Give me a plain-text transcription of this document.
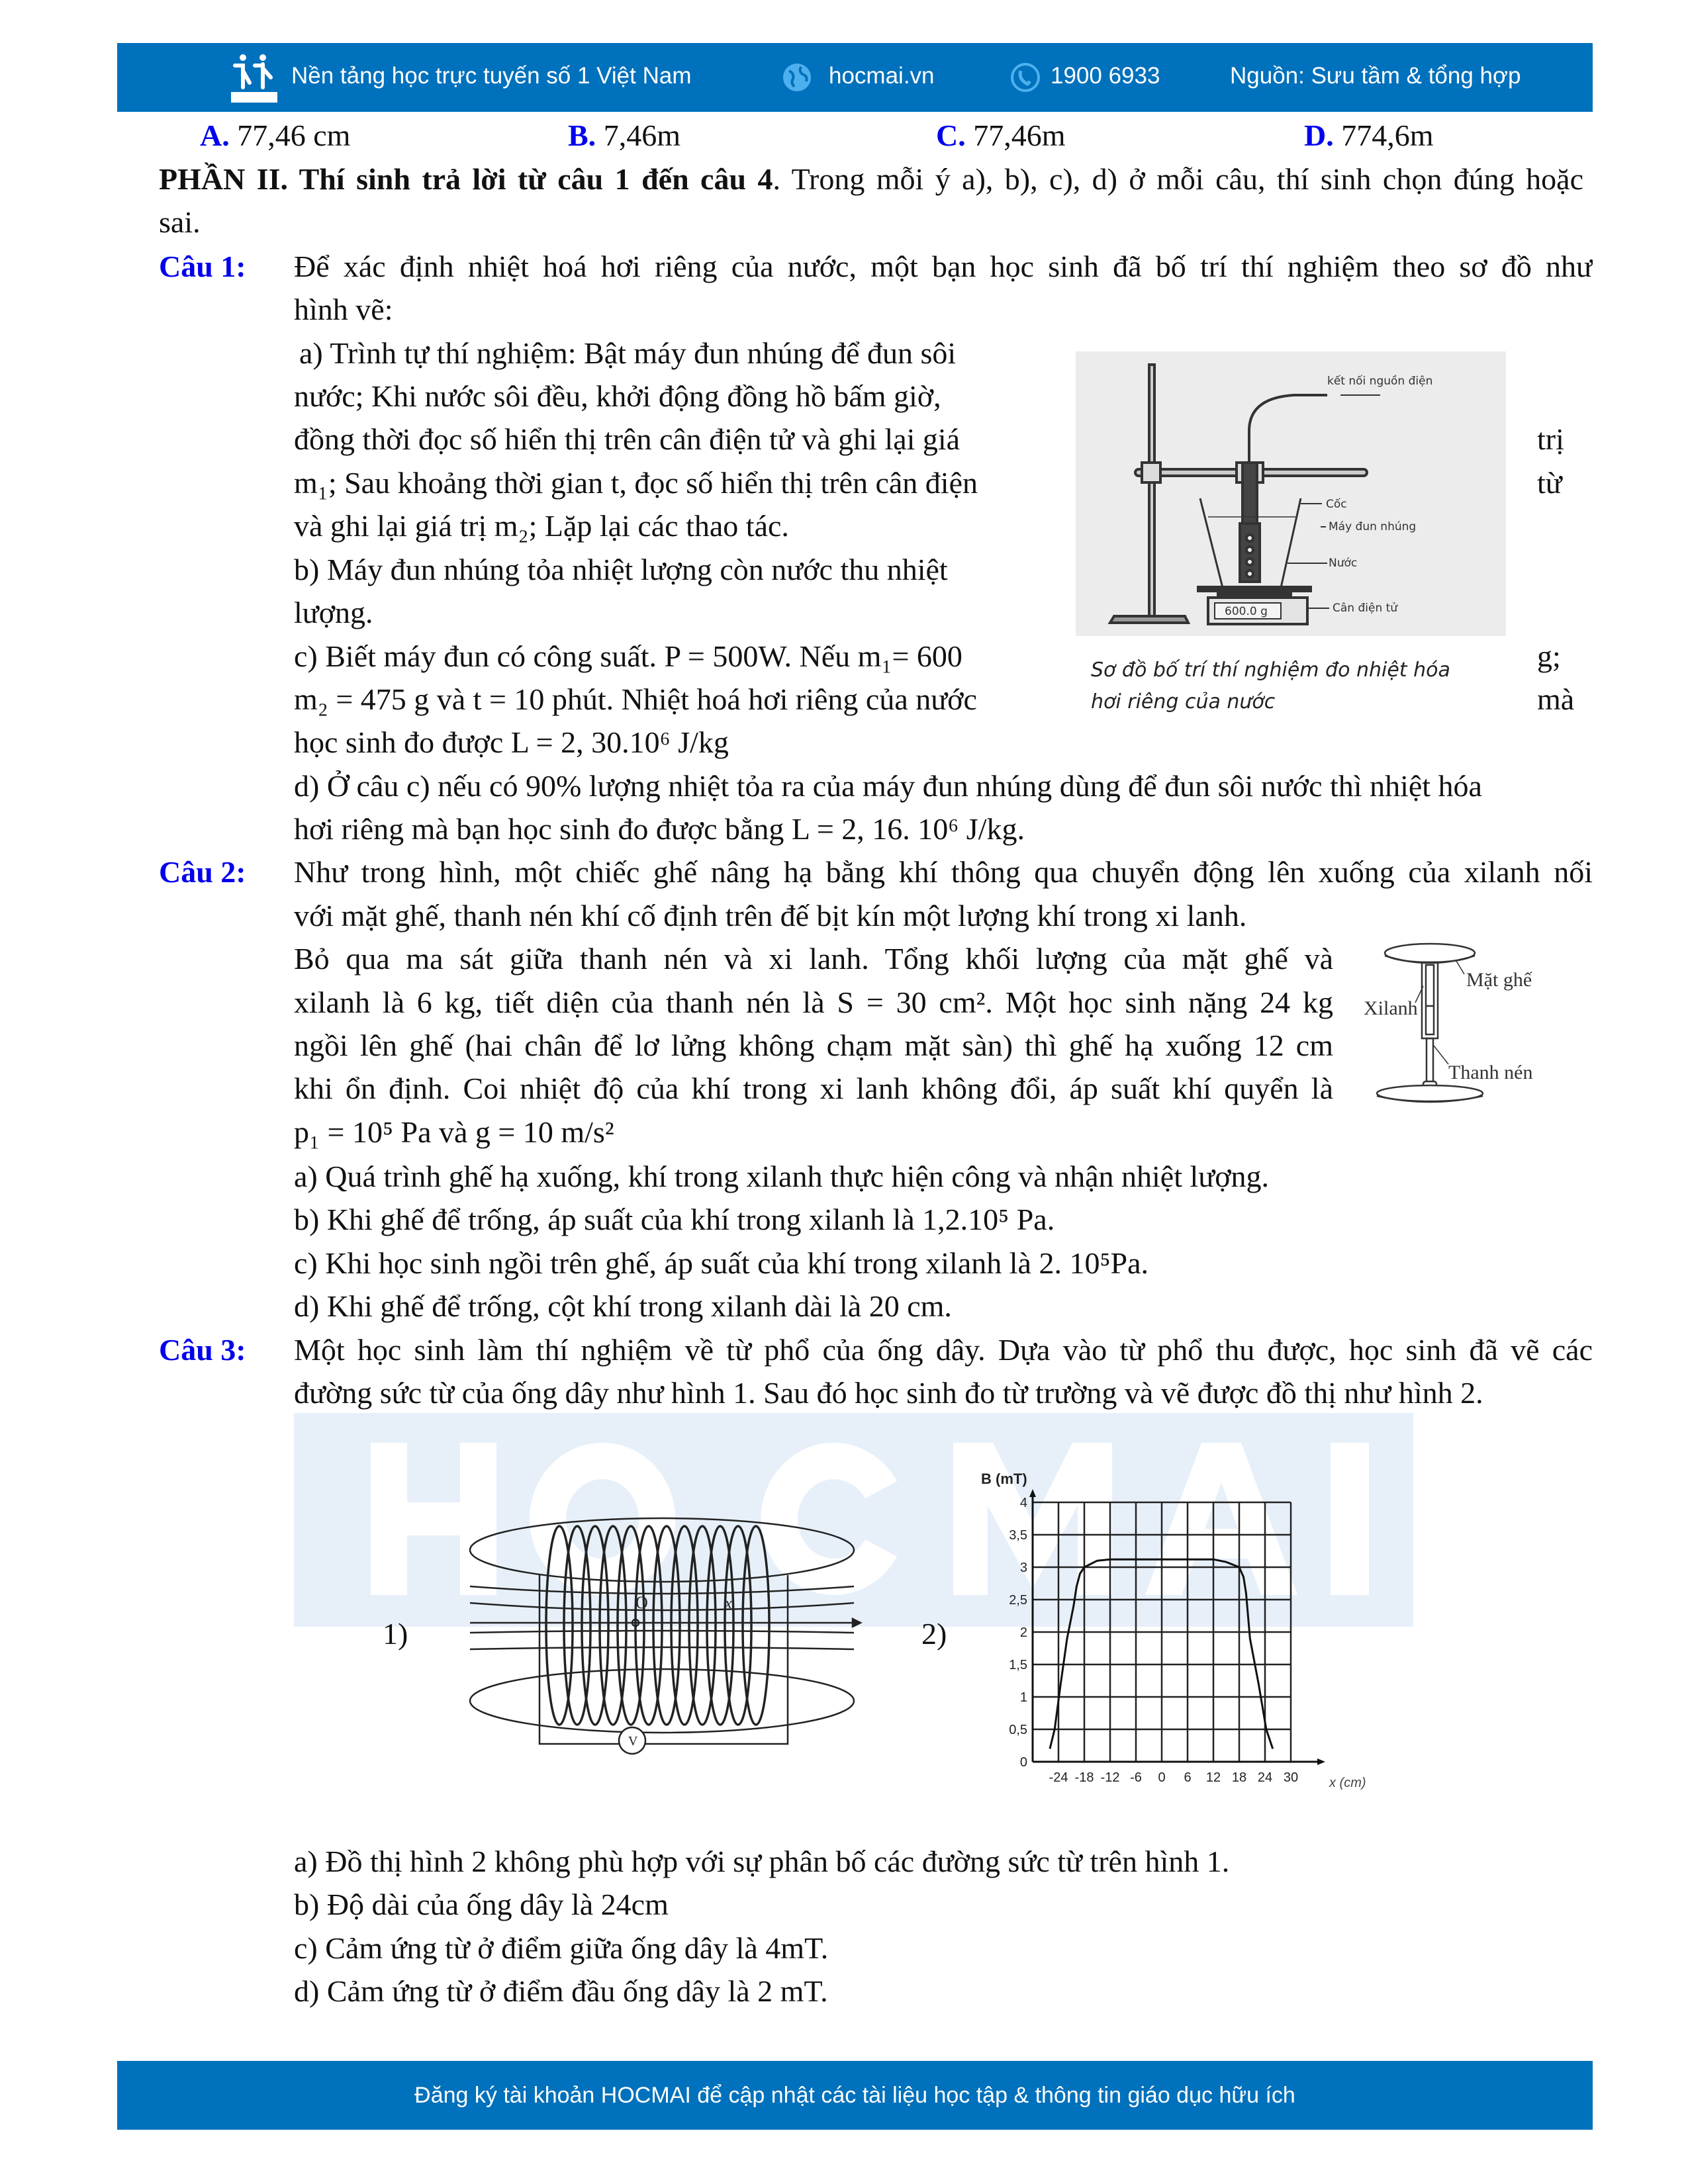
Nền tảng học trực tuyến số 1 Việt Nam	hocmai.vn	1900 6933	Nguồn: Sưu tầm & tổng hợp
A. 77,46 cm	B. 7,46m	C. 77,46m	D. 774,6m
PHẦN II. Thí sinh trả lời từ câu 1 đến câu 4. Trong mỗi ý a), b), c), d) ở mỗi câu, thí sinh chọn đúng hoặc
sai.
Câu 1: Để xác định nhiệt hoá hơi riêng của nước, một bạn học sinh đã bố trí thí nghiệm theo sơ đồ như
hình vẽ:
a) Trình tự thí nghiệm: Bật máy đun nhúng để đun sôi
nước; Khi nước sôi đều, khởi động đồng hồ bấm giờ,
đồng thời đọc số hiển thị trên cân điện tử và ghi lại giá	trị
m₁; Sau khoảng thời gian t, đọc số hiển thị trên cân điện	từ
và ghi lại giá trị m₂; Lặp lại các thao tác.
b) Máy đun nhúng tỏa nhiệt lượng còn nước thu nhiệt
lượng.
c) Biết máy đun có công suất. P = 500W. Nếu m₁= 600	g;
m₂ = 475 g và t = 10 phút. Nhiệt hoá hơi riêng của nước	mà
học sinh đo được L = 2, 30.10⁶ J/kg
d) Ở câu c) nếu có 90% lượng nhiệt tỏa ra của máy đun nhúng dùng để đun sôi nước thì nhiệt hóa
hơi riêng mà bạn học sinh đo được bằng L = 2, 16. 10⁶ J/kg.
kết nối nguồn điện
600.0 g
Cốc
Máy đun nhúng
Nước
Cân điện tử
Sơ đồ bố trí thí nghiệm đo nhiệt hóa
hơi riêng của nước
Câu 2: Như trong hình, một chiếc ghế nâng hạ bằng khí thông qua chuyển động lên xuống của xilanh nối
với mặt ghế, thanh nén khí cố định trên đế bịt kín một lượng khí trong xi lanh.
Bỏ qua ma sát giữa thanh nén và xi lanh. Tổng khối lượng của mặt ghế và
xilanh là 6 kg, tiết diện của thanh nén là S = 30 cm². Một học sinh nặng 24 kg
ngồi lên ghế (hai chân để lơ lửng không chạm mặt sàn) thì ghế hạ xuống 12 cm
khi ổn định. Coi nhiệt độ của khí trong xi lanh không đổi, áp suất khí quyển là
p₁ = 10⁵ Pa và g = 10 m/s²
a) Quá trình ghế hạ xuống, khí trong xilanh thực hiện công và nhận nhiệt lượng.
b) Khi ghế để trống, áp suất của khí trong xilanh là 1,2.10⁵ Pa.
c) Khi học sinh ngồi trên ghế, áp suất của khí trong xilanh là 2. 10⁵Pa.
d) Khi ghế để trống, cột khí trong xilanh dài là 20 cm.
Mặt ghế
Xilanh
Thanh nén
Câu 3: Một học sinh làm thí nghiệm về từ phổ của ống dây. Dựa vào từ phổ thu được, học sinh đã vẽ các
đường sức từ của ống dây như hình 1. Sau đó học sinh đo từ trường và vẽ được đồ thị như hình 2.
1)	2)
O	x
V
-24 -18 -12 -6 0 6 12 18 24 30
0
0,5
1
1,5
2
2,5
3
3,5
4
B (mT)
x (cm)
a) Đồ thị hình 2 không phù hợp với sự phân bố các đường sức từ trên hình 1.
b) Độ dài của ống dây là 24cm
c) Cảm ứng từ ở điểm giữa ống dây là 4mT.
d) Cảm ứng từ ở điểm đầu ống dây là 2 mT.
Đăng ký tài khoản HOCMAI để cập nhật các tài liệu học tập & thông tin giáo dục hữu ích
